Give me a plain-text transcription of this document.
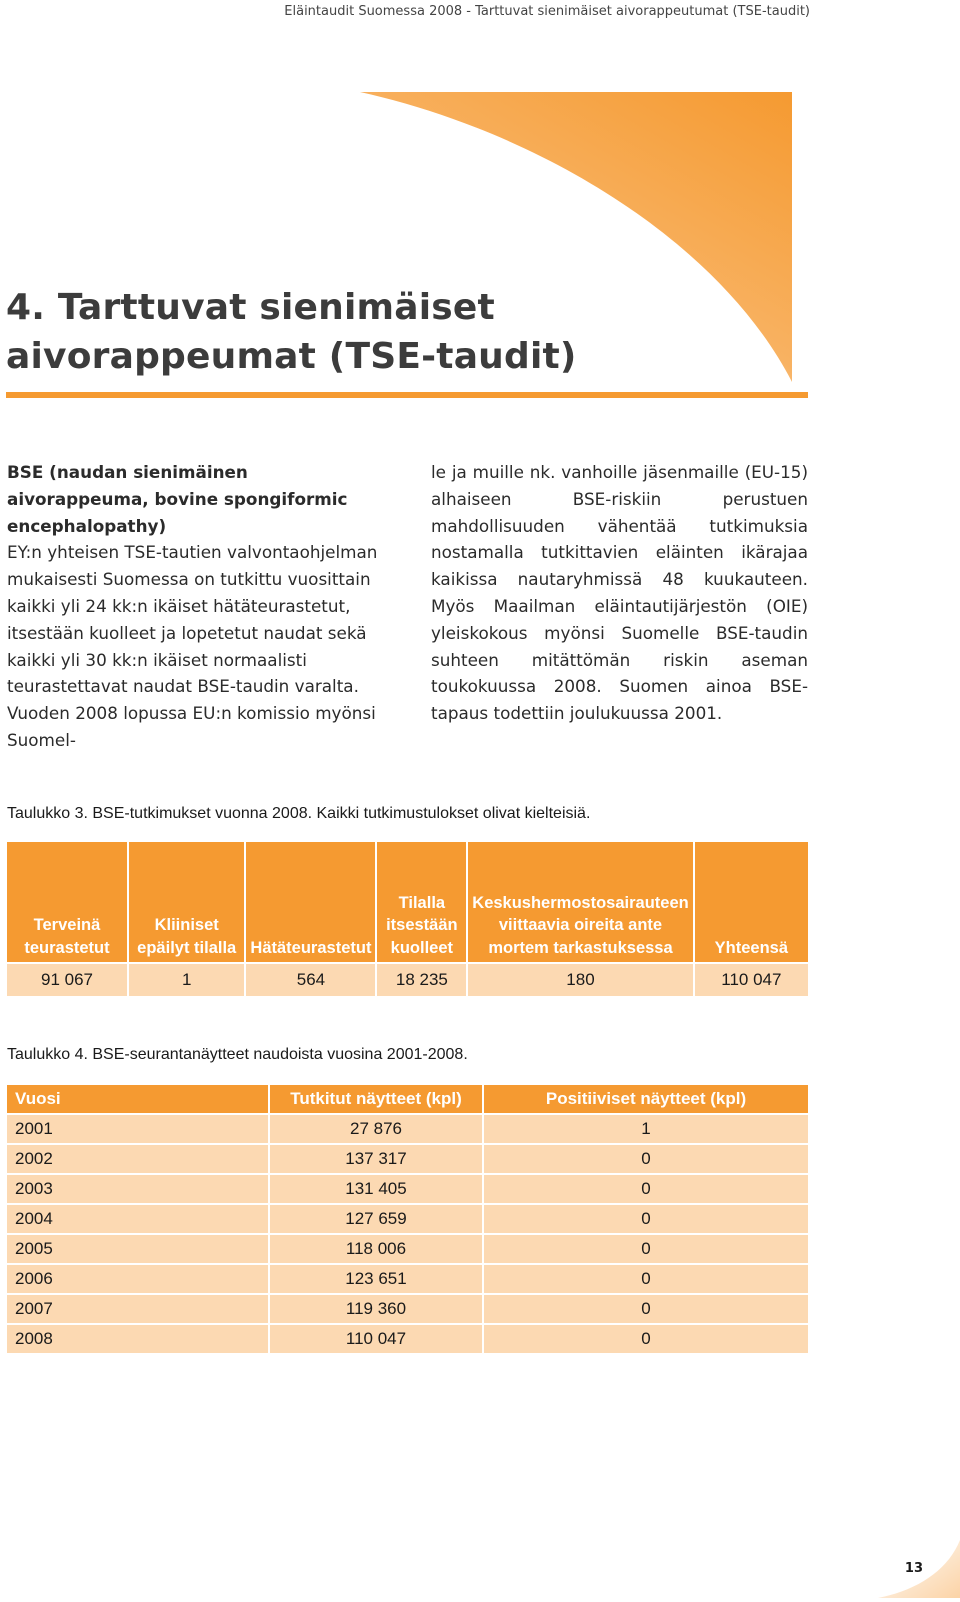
Eläintaudit Suomessa 2008 - Tarttuvat sienimäiset aivorappeutumat (TSE-taudit)
4. Tarttuvat sienimäiset
aivorappeumat (TSE-taudit)

BSE (naudan sienimäinen aivorappeuma, bovine spongiformic encephalopathy)
EY:n yhteisen TSE-tautien valvontaohjelman mukaisesti Suomessa on tutkittu vuosittain kaikki yli 24 kk:n ikäiset hätäteurastetut, itsestään kuolleet ja lopetetut naudat sekä kaikki yli 30 kk:n ikäiset normaalisti teurastettavat naudat BSE-taudin varalta. Vuoden 2008 lopussa EU:n komissio myönsi Suomel-

le ja muille nk. vanhoille jäsenmaille (EU-15) alhaiseen BSE-riskiin perustuen mahdollisuuden vähentää tutkimuksia nostamalla tutkittavien eläinten ikärajaa kaikissa nautaryhmissä 48 kuukauteen. Myös Maailman eläintautijärjestön (OIE) yleiskokous myönsi Suomelle BSE-taudin suhteen mitättömän riskin aseman toukokuussa 2008. Suomen ainoa BSE-tapaus todettiin joulukuussa 2001.

Taulukko 3. BSE-tutkimukset vuonna 2008. Kaikki tutkimustulokset olivat kielteisiä.

Terveinä teurastetut	Kliiniset epäilyt tilalla	Hätäteurastetut	Tilalla itsestään kuolleet	Keskushermostosairauteen viittaavia oireita ante mortem tarkastuksessa	Yhteensä
91 067	1	564	18 235	180	110 047

Taulukko 4. BSE-seurantanäytteet naudoista vuosina 2001-2008.

Vuosi	Tutkitut näytteet (kpl)	Positiiviset näytteet (kpl)
2001	27 876	1
2002	137 317	0
2003	131 405	0
2004	127 659	0
2005	118 006	0
2006	123 651	0
2007	119 360	0
2008	110 047	0
13
